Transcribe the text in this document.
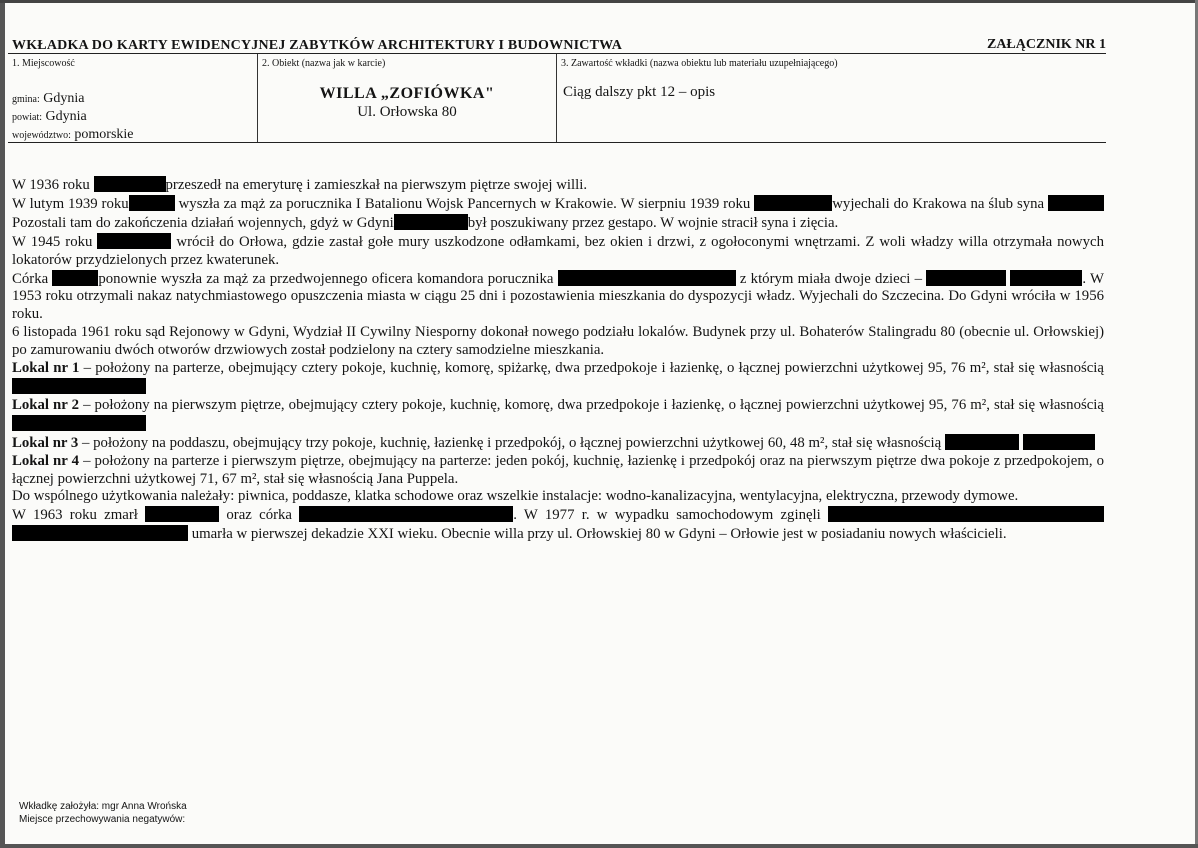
WKŁADKA DO KARTY EWIDENCYJNEJ ZABYTKÓW ARCHITEKTURY I BUDOWNICTWA	ZAŁĄCZNIK NR 1
1. Miejscowość
gmina: Gdynia
powiat: Gdynia
województwo: pomorskie
2. Obiekt (nazwa jak w karcie)
WILLA „ZOFIÓWKA"
Ul. Orłowska 80
3. Zawartość wkładki (nazwa obiektu lub materiału uzupełniającego)
Ciąg dalszy pkt 12 – opis

W 1936 roku	przeszedł na emeryturę i zamieszkał na pierwszym piętrze swojej willi.

W lutym 1939 roku	wyszła za mąż za porucznika I Batalionu Wojsk Pancernych w Krakowie. W sierpniu 1939 roku	wyjechali do Krakowa na ślub syna  Pozostali tam do zakończenia działań wojennych, gdyż w Gdyni	był poszukiwany przez gestapo. W wojnie stracił syna i zięcia.

W 1945 roku	wrócił do Orłowa, gdzie zastał gołe mury uszkodzone odłamkami, bez okien i drzwi, z ogołoconymi wnętrzami. Z woli władzy willa otrzymała nowych lokatorów przydzielonych przez kwaterunek.

Córka	ponownie wyszła za mąż za przedwojennego oficera komandora porucznika	z którym miała dwoje dzieci –	. W 1953 roku otrzymali nakaz natychmiastowego opuszczenia miasta w ciągu 25 dni i pozostawienia mieszkania do dyspozycji władz. Wyjechali do Szczecina. Do Gdyni wróciła w 1956 roku.

6 listopada 1961 roku sąd Rejonowy w Gdyni, Wydział II Cywilny Niesporny dokonał nowego podziału lokalów. Budynek przy ul. Bohaterów Stalingradu 80 (obecnie ul. Orłowskiej) po zamurowaniu dwóch otworów drzwiowych został podzielony na cztery samodzielne mieszkania.

Lokal nr 1 – położony na parterze, obejmujący cztery pokoje, kuchnię, komorę, spiżarkę, dwa przedpokoje i łazienkę, o łącznej powierzchni użytkowej 95, 76 m², stał się własnością

Lokal nr 2 – położony na pierwszym piętrze, obejmujący cztery pokoje, kuchnię, komorę, dwa przedpokoje i łazienkę, o łącznej powierzchni użytkowej 95, 76 m², stał się własnością

Lokal nr 3 – położony na poddaszu, obejmujący trzy pokoje, kuchnię, łazienkę i przedpokój, o łącznej powierzchni użytkowej 60, 48 m², stał się własnością

Lokal nr 4 – położony na parterze i pierwszym piętrze, obejmujący na parterze: jeden pokój, kuchnię, łazienkę i przedpokój oraz na pierwszym piętrze dwa pokoje z przedpokojem, o łącznej powierzchni użytkowej 71, 67 m², stał się własnością Jana Puppela.

Do wspólnego użytkowania należały: piwnica, poddasze, klatka schodowe oraz wszelkie instalacje: wodno-kanalizacyjna, wentylacyjna, elektryczna, przewody dymowe.

W 1963 roku zmarł	oraz córka	. W 1977 r. w wypadku samochodowym zginęli   umarła w pierwszej dekadzie XXI wieku. Obecnie willa przy ul. Orłowskiej 80 w Gdyni – Orłowie jest w posiadaniu nowych właścicieli.

Wkładkę założyła: mgr Anna Wrońska
Miejsce przechowywania negatywów:
